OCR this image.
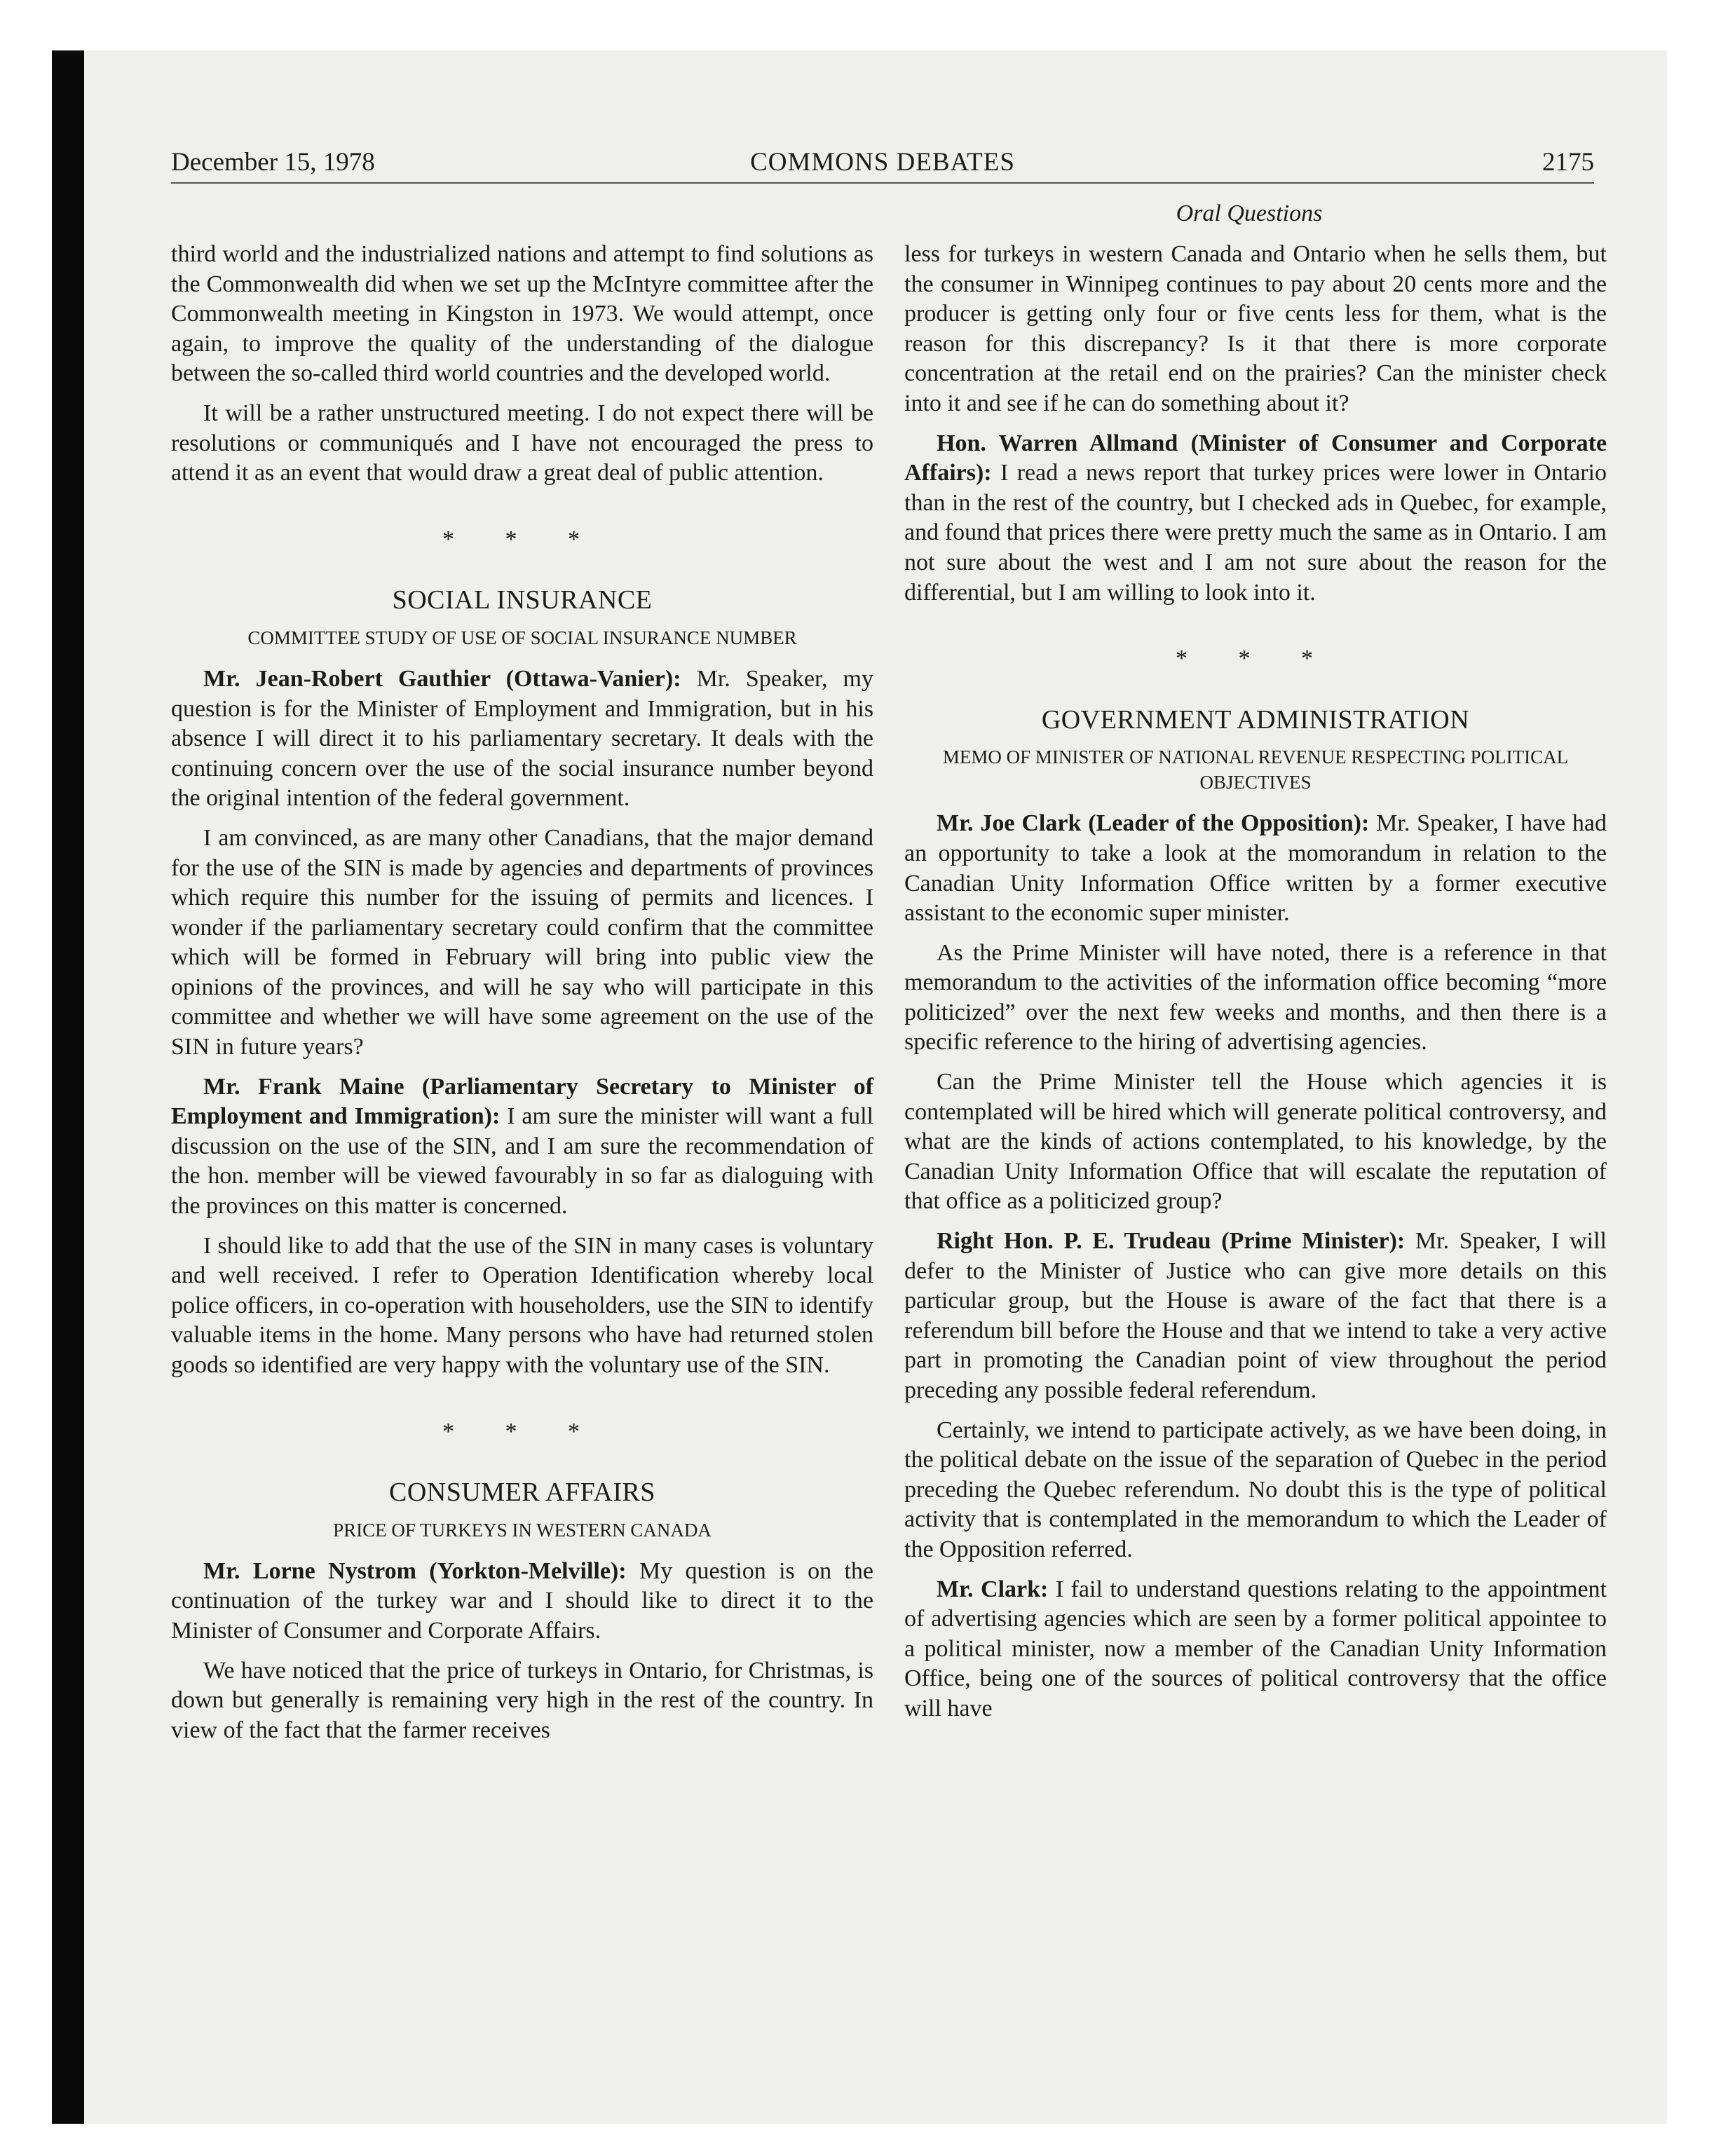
December 15, 1978	COMMONS DEBATES	2175
Oral Questions

third world and the industrialized nations and attempt to find solutions as the Commonwealth did when we set up the McIntyre committee after the Commonwealth meeting in Kingston in 1973. We would attempt, once again, to improve the quality of the understanding of the dialogue between the so-called third world countries and the developed world.

It will be a rather unstructured meeting. I do not expect there will be resolutions or communiqués and I have not encouraged the press to attend it as an event that would draw a great deal of public attention.

* * *
SOCIAL INSURANCE
COMMITTEE STUDY OF USE OF SOCIAL INSURANCE NUMBER

Mr. Jean-Robert Gauthier (Ottawa-Vanier): Mr. Speaker, my question is for the Minister of Employment and Immigration, but in his absence I will direct it to his parliamentary secretary. It deals with the continuing concern over the use of the social insurance number beyond the original intention of the federal government.

I am convinced, as are many other Canadians, that the major demand for the use of the SIN is made by agencies and departments of provinces which require this number for the issuing of permits and licences. I wonder if the parliamentary secretary could confirm that the committee which will be formed in February will bring into public view the opinions of the provinces, and will he say who will participate in this committee and whether we will have some agreement on the use of the SIN in future years?

Mr. Frank Maine (Parliamentary Secretary to Minister of Employment and Immigration): I am sure the minister will want a full discussion on the use of the SIN, and I am sure the recommendation of the hon. member will be viewed favourably in so far as dialoguing with the provinces on this matter is concerned.

I should like to add that the use of the SIN in many cases is voluntary and well received. I refer to Operation Identification whereby local police officers, in co-operation with householders, use the SIN to identify valuable items in the home. Many persons who have had returned stolen goods so identified are very happy with the voluntary use of the SIN.

* * *
CONSUMER AFFAIRS
PRICE OF TURKEYS IN WESTERN CANADA

Mr. Lorne Nystrom (Yorkton-Melville): My question is on the continuation of the turkey war and I should like to direct it to the Minister of Consumer and Corporate Affairs.

We have noticed that the price of turkeys in Ontario, for Christmas, is down but generally is remaining very high in the rest of the country. In view of the fact that the farmer receives

less for turkeys in western Canada and Ontario when he sells them, but the consumer in Winnipeg continues to pay about 20 cents more and the producer is getting only four or five cents less for them, what is the reason for this discrepancy? Is it that there is more corporate concentration at the retail end on the prairies? Can the minister check into it and see if he can do something about it?

Hon. Warren Allmand (Minister of Consumer and Corporate Affairs): I read a news report that turkey prices were lower in Ontario than in the rest of the country, but I checked ads in Quebec, for example, and found that prices there were pretty much the same as in Ontario. I am not sure about the west and I am not sure about the reason for the differential, but I am willing to look into it.

* * *
GOVERNMENT ADMINISTRATION
MEMO OF MINISTER OF NATIONAL REVENUE RESPECTING POLITICAL OBJECTIVES

Mr. Joe Clark (Leader of the Opposition): Mr. Speaker, I have had an opportunity to take a look at the momorandum in relation to the Canadian Unity Information Office written by a former executive assistant to the economic super minister.

As the Prime Minister will have noted, there is a reference in that memorandum to the activities of the information office becoming “more politicized” over the next few weeks and months, and then there is a specific reference to the hiring of advertising agencies.

Can the Prime Minister tell the House which agencies it is contemplated will be hired which will generate political controversy, and what are the kinds of actions contemplated, to his knowledge, by the Canadian Unity Information Office that will escalate the reputation of that office as a politicized group?

Right Hon. P. E. Trudeau (Prime Minister): Mr. Speaker, I will defer to the Minister of Justice who can give more details on this particular group, but the House is aware of the fact that there is a referendum bill before the House and that we intend to take a very active part in promoting the Canadian point of view throughout the period preceding any possible federal referendum.

Certainly, we intend to participate actively, as we have been doing, in the political debate on the issue of the separation of Quebec in the period preceding the Quebec referendum. No doubt this is the type of political activity that is contemplated in the memorandum to which the Leader of the Opposition referred.

Mr. Clark: I fail to understand questions relating to the appointment of advertising agencies which are seen by a former political appointee to a political minister, now a member of the Canadian Unity Information Office, being one of the sources of political controversy that the office will have
